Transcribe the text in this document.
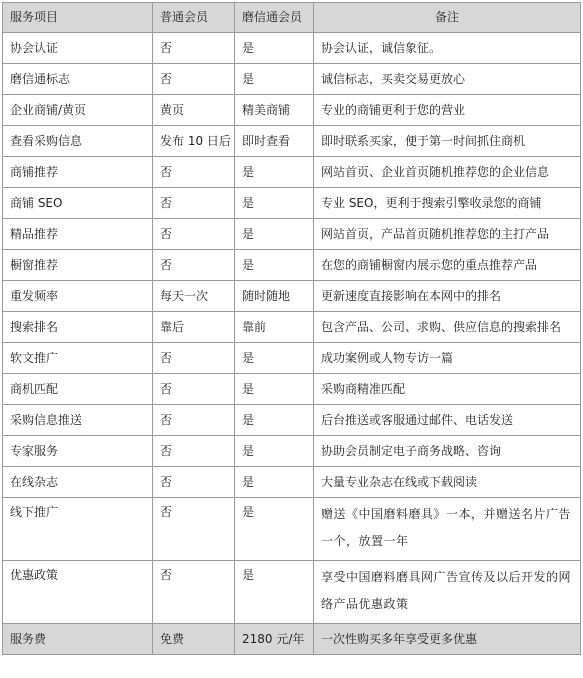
服务项目	普通会员	磨信通会员	备注
协会认证	否	是	协会认证，诚信象征。
磨信通标志	否	是	诚信标志，买卖交易更放心
企业商铺/黄页	黄页	精美商铺	专业的商铺更利于您的营业
查看采购信息	发布 10 日后	即时查看	即时联系买家，便于第一时间抓住商机
商铺推荐	否	是	网站首页、企业首页随机推荐您的企业信息
商铺 SEO	否	是	专业 SEO，更利于搜索引擎收录您的商铺
精品推荐	否	是	网站首页，产品首页随机推荐您的主打产品
橱窗推荐	否	是	在您的商铺橱窗内展示您的重点推荐产品
重发频率	每天一次	随时随地	更新速度直接影响在本网中的排名
搜索排名	靠后	靠前	包含产品、公司、求购、供应信息的搜索排名
软文推广	否	是	成功案例或人物专访一篇
商机匹配	否	是	采购商精准匹配
采购信息推送	否	是	后台推送或客服通过邮件、电话发送
专家服务	否	是	协助会员制定电子商务战略、咨询
在线杂志	否	是	大量专业杂志在线或下载阅读
线下推广	否	是	赠送《中国磨料磨具》一本，并赠送名片广告一个，放置一年
优惠政策	否	是	享受中国磨料磨具网广告宣传及以后开发的网络产品优惠政策
服务费	免费	2180 元/年	一次性购买多年享受更多优惠
